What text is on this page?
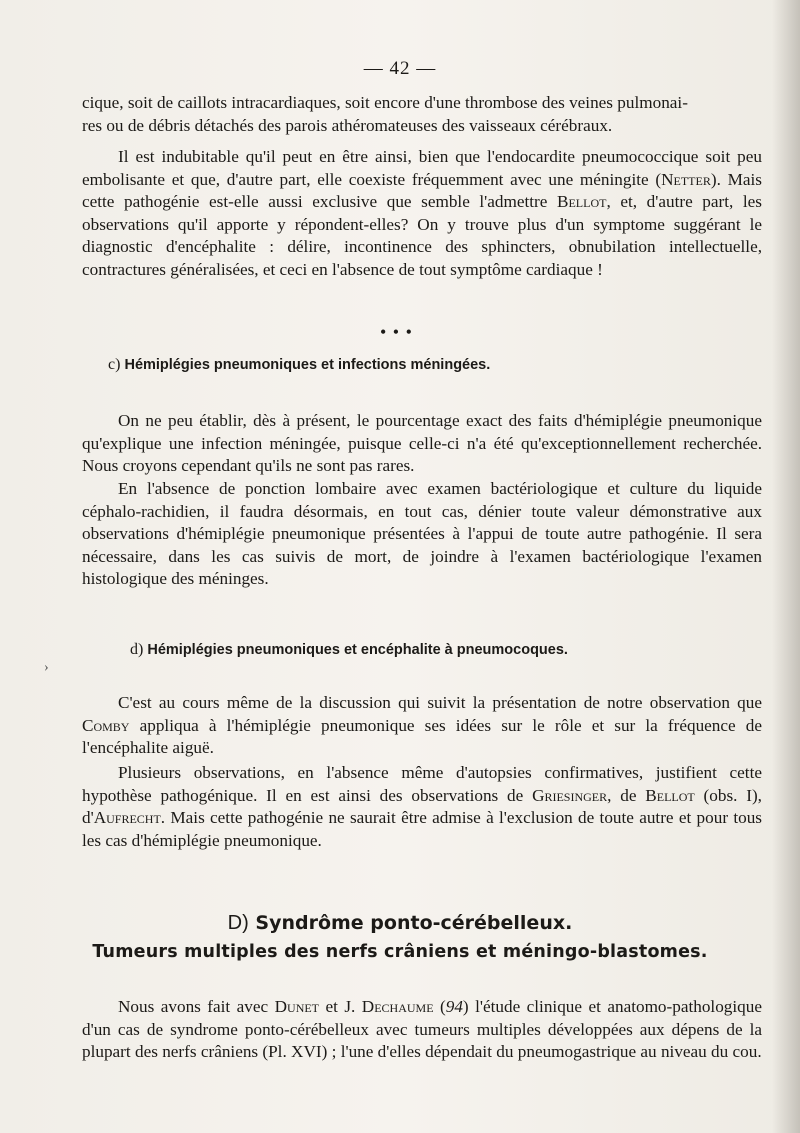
— 42 —
cique, soit de caillots intracardiaques, soit encore d'une thrombose des veines pulmonai-
res ou de débris détachés des parois athéromateuses des vaisseaux cérébraux.
Il est indubitable qu'il peut en être ainsi, bien que l'endocardite pneumococcique soit peu embolisante et que, d'autre part, elle coexiste fréquemment avec une méningite (Netter). Mais cette pathogénie est-elle aussi exclusive que semble l'admettre Bellot, et, d'autre part, les observations qu'il apporte y répondent-elles? On y trouve plus d'un symptome suggérant le diagnostic d'encéphalite : délire, incontinence des sphincters, obnubilation intellectuelle, contractures généralisées, et ceci en l'absence de tout symptôme cardiaque !
• • •
c) Hémiplégies pneumoniques et infections méningées.
On ne peu établir, dès à présent, le pourcentage exact des faits d'hémiplégie pneumonique qu'explique une infection méningée, puisque celle-ci n'a été qu'exceptionnellement recherchée. Nous croyons cependant qu'ils ne sont pas rares.
En l'absence de ponction lombaire avec examen bactériologique et culture du liquide céphalo-rachidien, il faudra désormais, en tout cas, dénier toute valeur démonstrative aux observations d'hémiplégie pneumonique présentées à l'appui de toute autre pathogénie. Il sera nécessaire, dans les cas suivis de mort, de joindre à l'examen bactériologique l'examen histologique des méninges.
d) Hémiplégies pneumoniques et encéphalite à pneumocoques.
›
C'est au cours même de la discussion qui suivit la présentation de notre observation que Comby appliqua à l'hémiplégie pneumonique ses idées sur le rôle et sur la fréquence de l'encéphalite aiguë.
Plusieurs observations, en l'absence même d'autopsies confirmatives, justifient cette hypothèse pathogénique. Il en est ainsi des observations de Griesinger, de Bellot (obs. I), d'Aufrecht. Mais cette pathogénie ne saurait être admise à l'exclusion de toute autre et pour tous les cas d'hémiplégie pneumonique.
D) Syndrôme ponto-cérébelleux.
Tumeurs multiples des nerfs crâniens et méningo-blastomes.
Nous avons fait avec Dunet et J. Dechaume (94) l'étude clinique et anatomo-pathologique d'un cas de syndrome ponto-cérébelleux avec tumeurs multiples développées aux dépens de la plupart des nerfs crâniens (Pl. XVI) ; l'une d'elles dépendait du pneumogastrique au niveau du cou.
